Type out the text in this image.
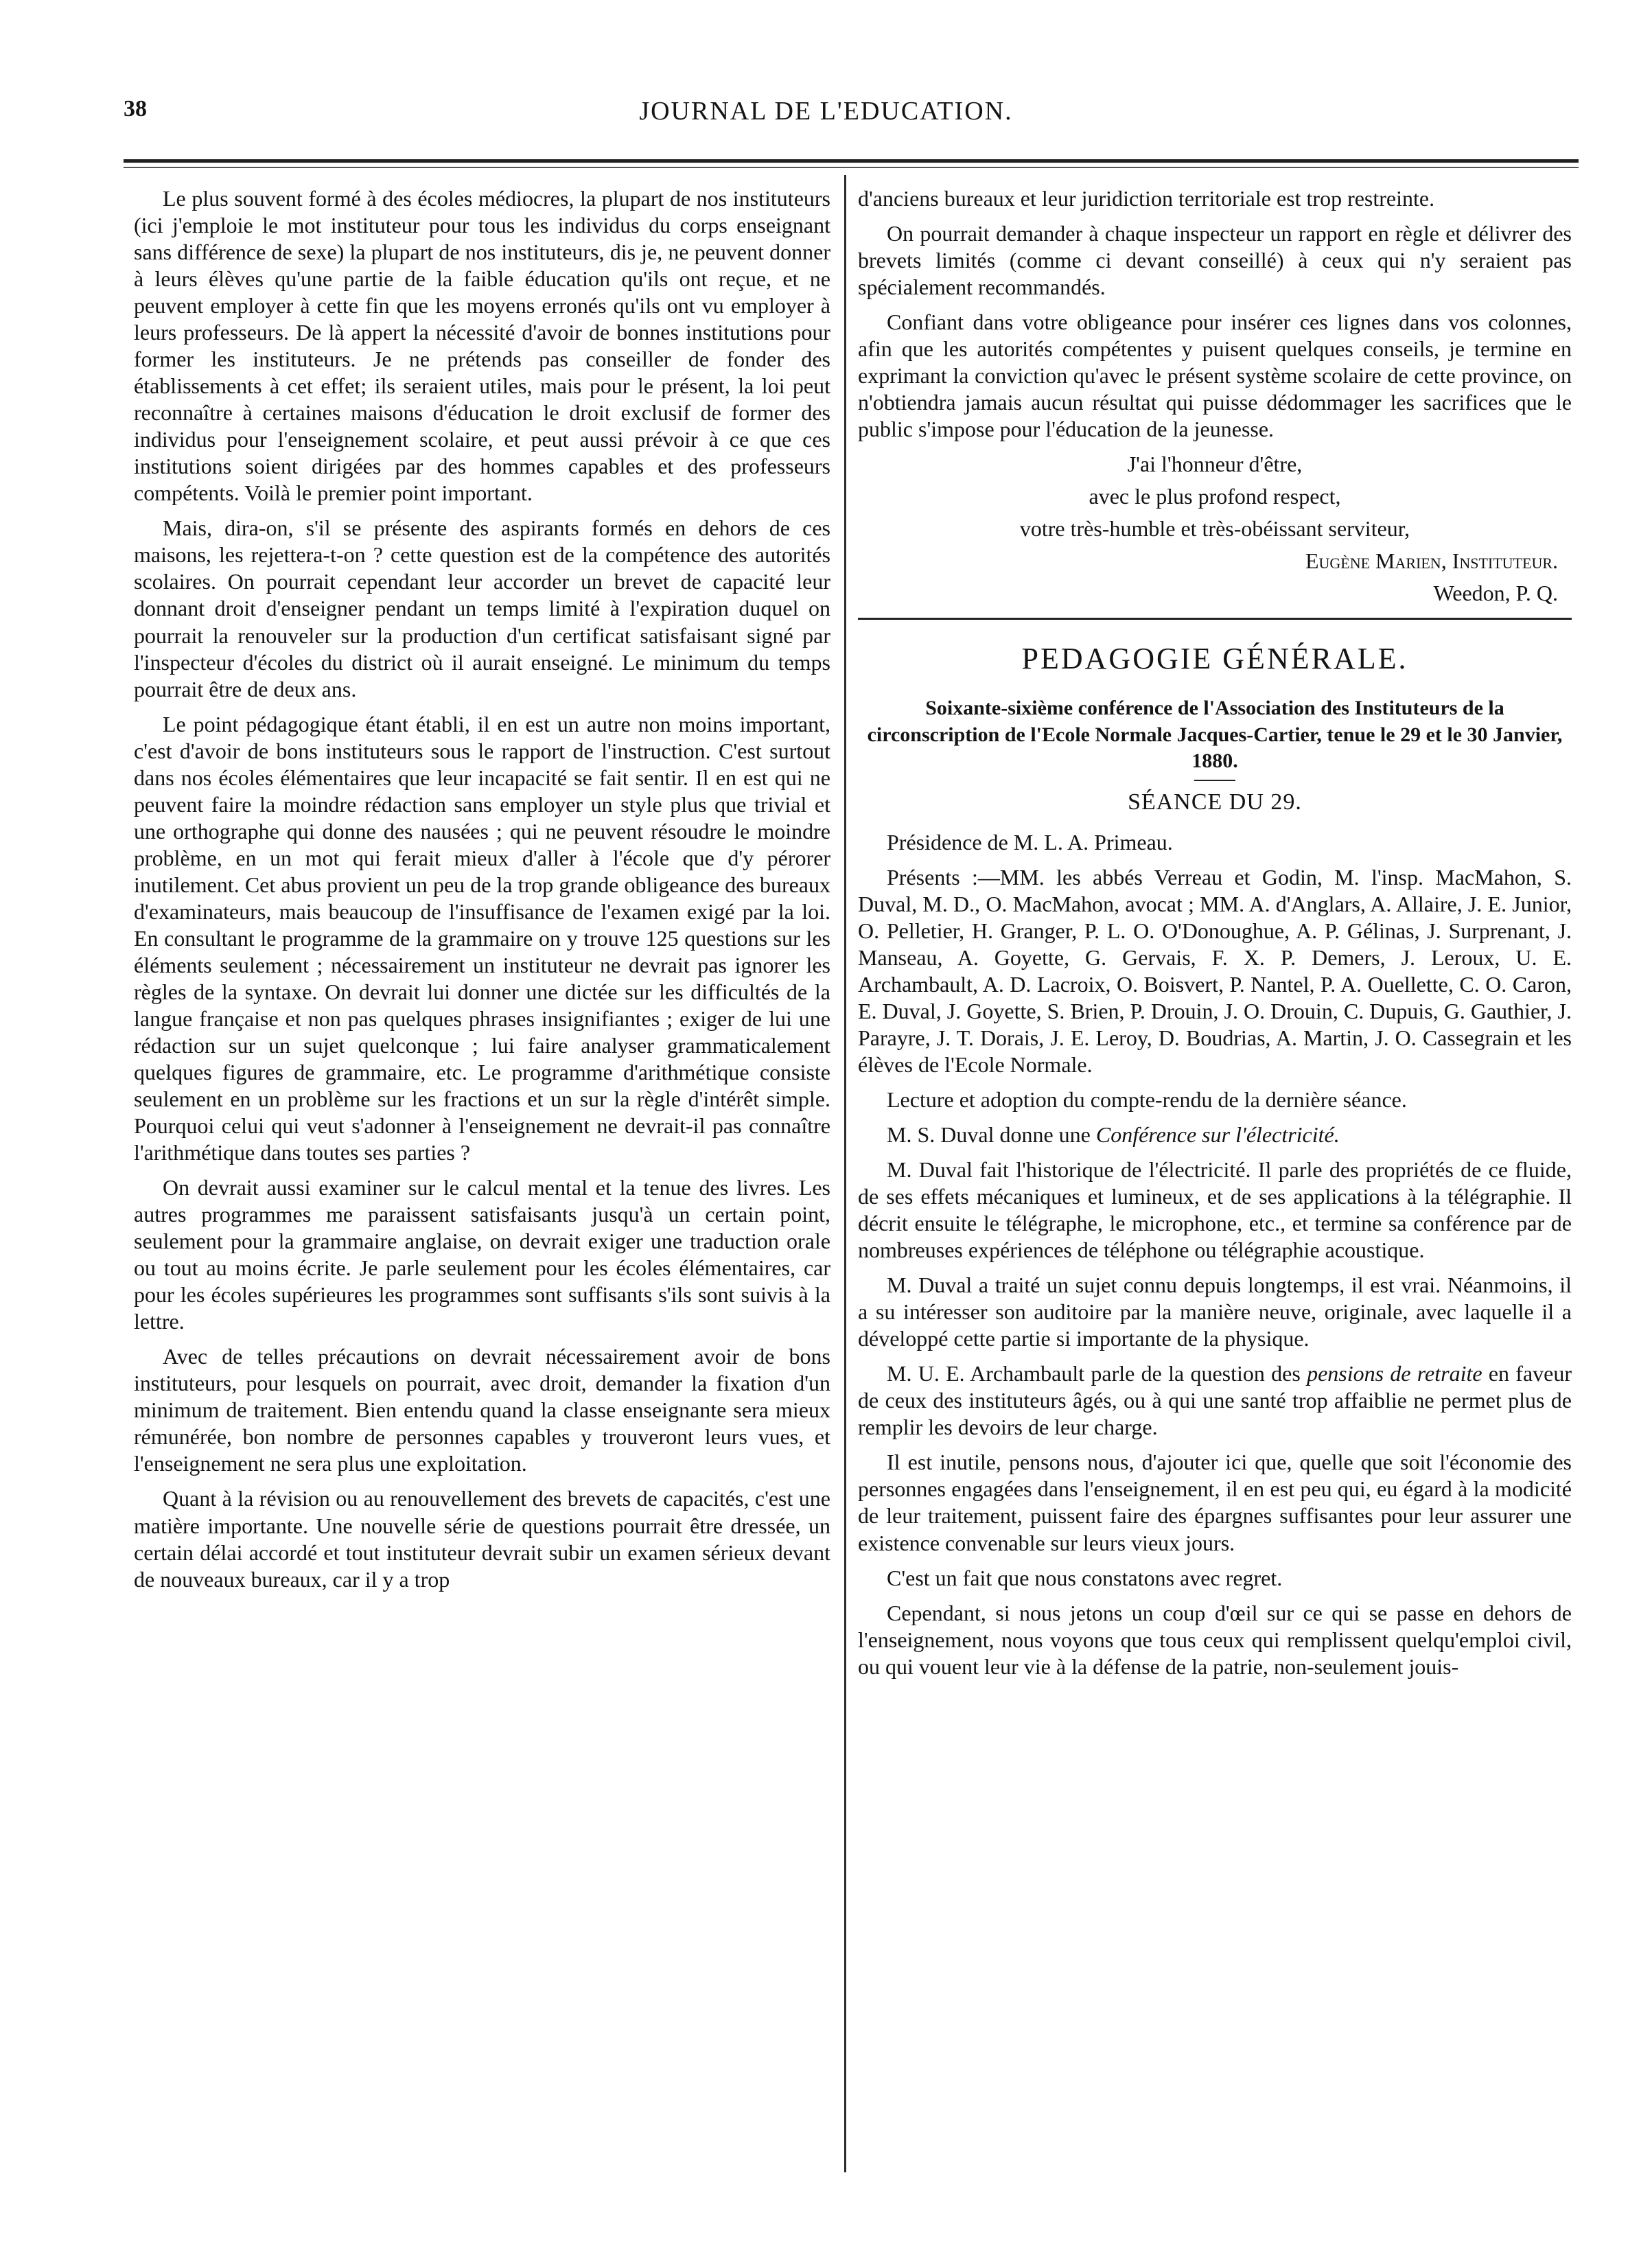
38	JOURNAL DE L'EDUCATION.

Le plus souvent formé à des écoles médiocres, la plupart de nos instituteurs (ici j'emploie le mot instituteur pour tous les individus du corps enseignant sans différence de sexe) la plupart de nos instituteurs, dis je, ne peuvent donner à leurs élèves qu'une partie de la faible éducation qu'ils ont reçue, et ne peuvent employer à cette fin que les moyens erronés qu'ils ont vu employer à leurs professeurs. De là appert la nécessité d'avoir de bonnes institutions pour former les instituteurs. Je ne prétends pas conseiller de fonder des établissements à cet effet; ils seraient utiles, mais pour le présent, la loi peut reconnaître à certaines maisons d'éducation le droit exclusif de former des individus pour l'enseignement scolaire, et peut aussi prévoir à ce que ces institutions soient dirigées par des hommes capables et des professeurs compétents. Voilà le premier point important.

Mais, dira-on, s'il se présente des aspirants formés en dehors de ces maisons, les rejettera-t-on ? cette question est de la compétence des autorités scolaires. On pourrait cependant leur accorder un brevet de capacité leur donnant droit d'enseigner pendant un temps limité à l'expiration duquel on pourrait la renouveler sur la production d'un certificat satisfaisant signé par l'inspecteur d'écoles du district où il aurait enseigné. Le minimum du temps pourrait être de deux ans.

Le point pédagogique étant établi, il en est un autre non moins important, c'est d'avoir de bons instituteurs sous le rapport de l'instruction. C'est surtout dans nos écoles élémentaires que leur incapacité se fait sentir. Il en est qui ne peuvent faire la moindre rédaction sans employer un style plus que trivial et une orthographe qui donne des nausées ; qui ne peuvent résoudre le moindre problème, en un mot qui ferait mieux d'aller à l'école que d'y pérorer inutilement. Cet abus provient un peu de la trop grande obligeance des bureaux d'examinateurs, mais beaucoup de l'insuffisance de l'examen exigé par la loi. En consultant le programme de la grammaire on y trouve 125 questions sur les éléments seulement ; nécessairement un instituteur ne devrait pas ignorer les règles de la syntaxe. On devrait lui donner une dictée sur les difficultés de la langue française et non pas quelques phrases insignifiantes ; exiger de lui une rédaction sur un sujet quelconque ; lui faire analyser grammaticalement quelques figures de grammaire, etc. Le programme d'arithmétique consiste seulement en un problème sur les fractions et un sur la règle d'intérêt simple. Pourquoi celui qui veut s'adonner à l'enseignement ne devrait-il pas connaître l'arithmétique dans toutes ses parties ?

On devrait aussi examiner sur le calcul mental et la tenue des livres. Les autres programmes me paraissent satisfaisants jusqu'à un certain point, seulement pour la grammaire anglaise, on devrait exiger une traduction orale ou tout au moins écrite. Je parle seulement pour les écoles élémentaires, car pour les écoles supérieures les programmes sont suffisants s'ils sont suivis à la lettre.

Avec de telles précautions on devrait nécessairement avoir de bons instituteurs, pour lesquels on pourrait, avec droit, demander la fixation d'un minimum de traitement. Bien entendu quand la classe enseignante sera mieux rémunérée, bon nombre de personnes capables y trouveront leurs vues, et l'enseignement ne sera plus une exploitation.

Quant à la révision ou au renouvellement des brevets de capacités, c'est une matière importante. Une nouvelle série de questions pourrait être dressée, un certain délai accordé et tout instituteur devrait subir un examen sérieux devant de nouveaux bureaux, car il y a trop

d'anciens bureaux et leur juridiction territoriale est trop restreinte.

On pourrait demander à chaque inspecteur un rapport en règle et délivrer des brevets limités (comme ci devant conseillé) à ceux qui n'y seraient pas spécialement recommandés.

Confiant dans votre obligeance pour insérer ces lignes dans vos colonnes, afin que les autorités compétentes y puisent quelques conseils, je termine en exprimant la conviction qu'avec le présent système scolaire de cette province, on n'obtiendra jamais aucun résultat qui puisse dédommager les sacrifices que le public s'impose pour l'éducation de la jeunesse.

J'ai l'honneur d'être,

avec le plus profond respect,

votre très-humble et très-obéissant serviteur,

Eugène Marien, Instituteur.

Weedon, P. Q.

PEDAGOGIE GÉNÉRALE.
Soixante-sixième conférence de l'Association des Instituteurs de la circonscription de l'Ecole Normale Jacques-Cartier, tenue le 29 et le 30 Janvier, 1880.
SÉANCE DU 29.

Présidence de M. L. A. Primeau.

Présents :—MM. les abbés Verreau et Godin, M. l'insp. MacMahon, S. Duval, M. D., O. MacMahon, avocat ; MM. A. d'Anglars, A. Allaire, J. E. Junior, O. Pelletier, H. Granger, P. L. O. O'Donoughue, A. P. Gélinas, J. Surprenant, J. Manseau, A. Goyette, G. Gervais, F. X. P. Demers, J. Leroux, U. E. Archambault, A. D. Lacroix, O. Boisvert, P. Nantel, P. A. Ouellette, C. O. Caron, E. Duval, J. Goyette, S. Brien, P. Drouin, J. O. Drouin, C. Dupuis, G. Gauthier, J. Parayre, J. T. Dorais, J. E. Leroy, D. Boudrias, A. Martin, J. O. Cassegrain et les élèves de l'Ecole Normale.

Lecture et adoption du compte-rendu de la dernière séance.

M. S. Duval donne une Conférence sur l'électricité.

M. Duval fait l'historique de l'électricité. Il parle des propriétés de ce fluide, de ses effets mécaniques et lumineux, et de ses applications à la télégraphie. Il décrit ensuite le télégraphe, le microphone, etc., et termine sa conférence par de nombreuses expériences de téléphone ou télégraphie acoustique.

M. Duval a traité un sujet connu depuis longtemps, il est vrai. Néanmoins, il a su intéresser son auditoire par la manière neuve, originale, avec laquelle il a développé cette partie si importante de la physique.

M. U. E. Archambault parle de la question des pensions de retraite en faveur de ceux des instituteurs âgés, ou à qui une santé trop affaiblie ne permet plus de remplir les devoirs de leur charge.

Il est inutile, pensons nous, d'ajouter ici que, quelle que soit l'économie des personnes engagées dans l'enseignement, il en est peu qui, eu égard à la modicité de leur traitement, puissent faire des épargnes suffisantes pour leur assurer une existence convenable sur leurs vieux jours.

C'est un fait que nous constatons avec regret.

Cependant, si nous jetons un coup d'œil sur ce qui se passe en dehors de l'enseignement, nous voyons que tous ceux qui remplissent quelqu'emploi civil, ou qui vouent leur vie à la défense de la patrie, non-seulement jouis-
